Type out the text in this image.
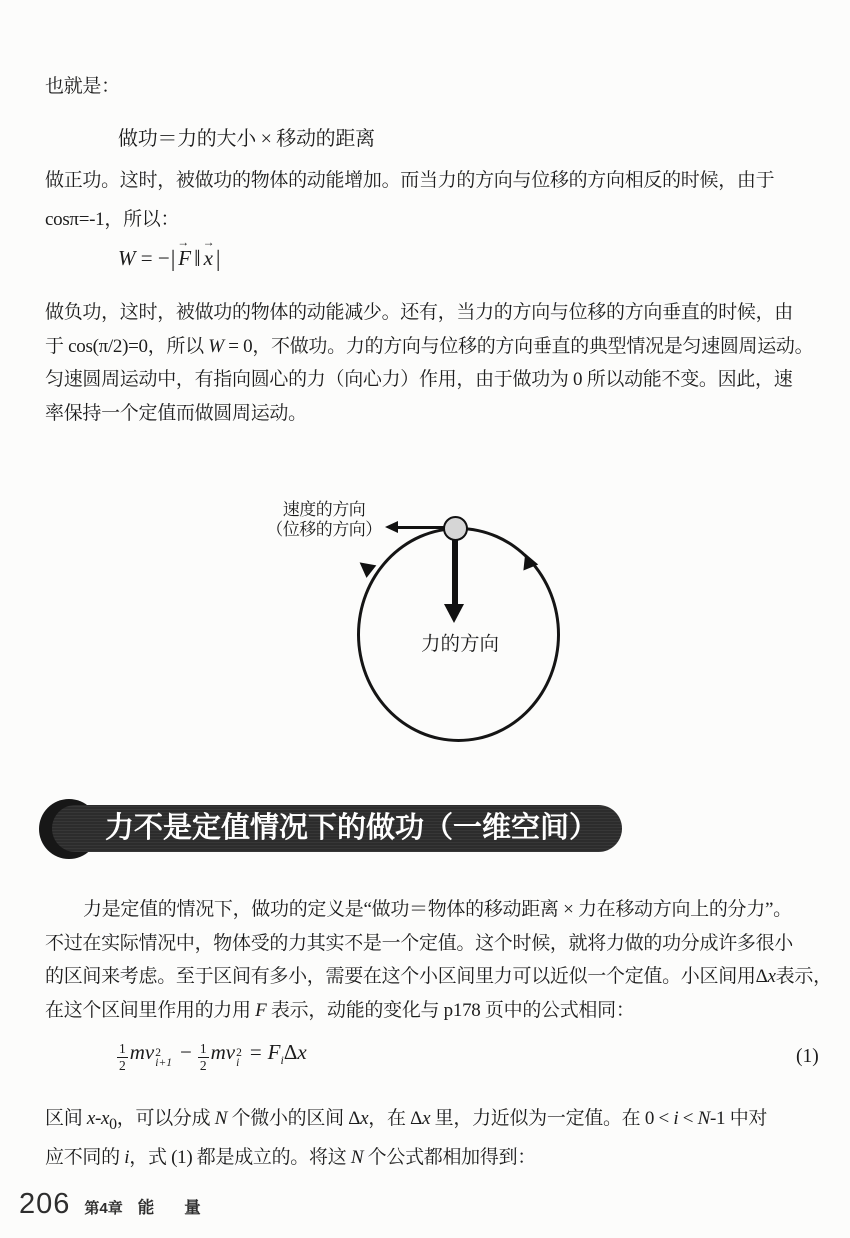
也就是：
做功＝力的大小 × 移动的距离
做正功。这时，被做功的物体的动能增加。而当力的方向与位移的方向相反的时候，由于
cosπ=-1，所以：
W = −|
→
F ‖
→
x |
做负功，这时，被做功的物体的动能减少。还有，当力的方向与位移的方向垂直的时候，由
于 cos(π/2)=0，所以 W = 0，不做功。力的方向与位移的方向垂直的典型情况是匀速圆周运动。
匀速圆周运动中，有指向圆心的力（向心力）作用，由于做功为 0 所以动能不变。因此，速
率保持一个定值而做圆周运动。
速度的方向
（位移的方向）
力的方向
力不是定值情况下的做功（一维空间）
力是定值的情况下，做功的定义是“做功＝物体的移动距离 × 力在移动方向上的分力”。
不过在实际情况中，物体受的力其实不是一个定值。这个时候，就将力做的功分成许多很小
的区间来考虑。至于区间有多小，需要在这个小区间里力可以近似一个定值。小区间用Δx表示，
在这个区间里作用的力用 F 表示，动能的变化与 p178 页中的公式相同：
$\frac{1}{2}$ mv 2
$i+1 - \frac{1}{2}$ mv 2
$i = F_i\Delta x$	(1)
区间 $x-x_0$，可以分成 N 个微小的区间 Δx，在 Δx 里，力近似为一定值。在 0 < i < N-1 中对
应不同的 i，式 (1) 都是成立的。将这 N 个公式都相加得到：
206 第4章 能 量
